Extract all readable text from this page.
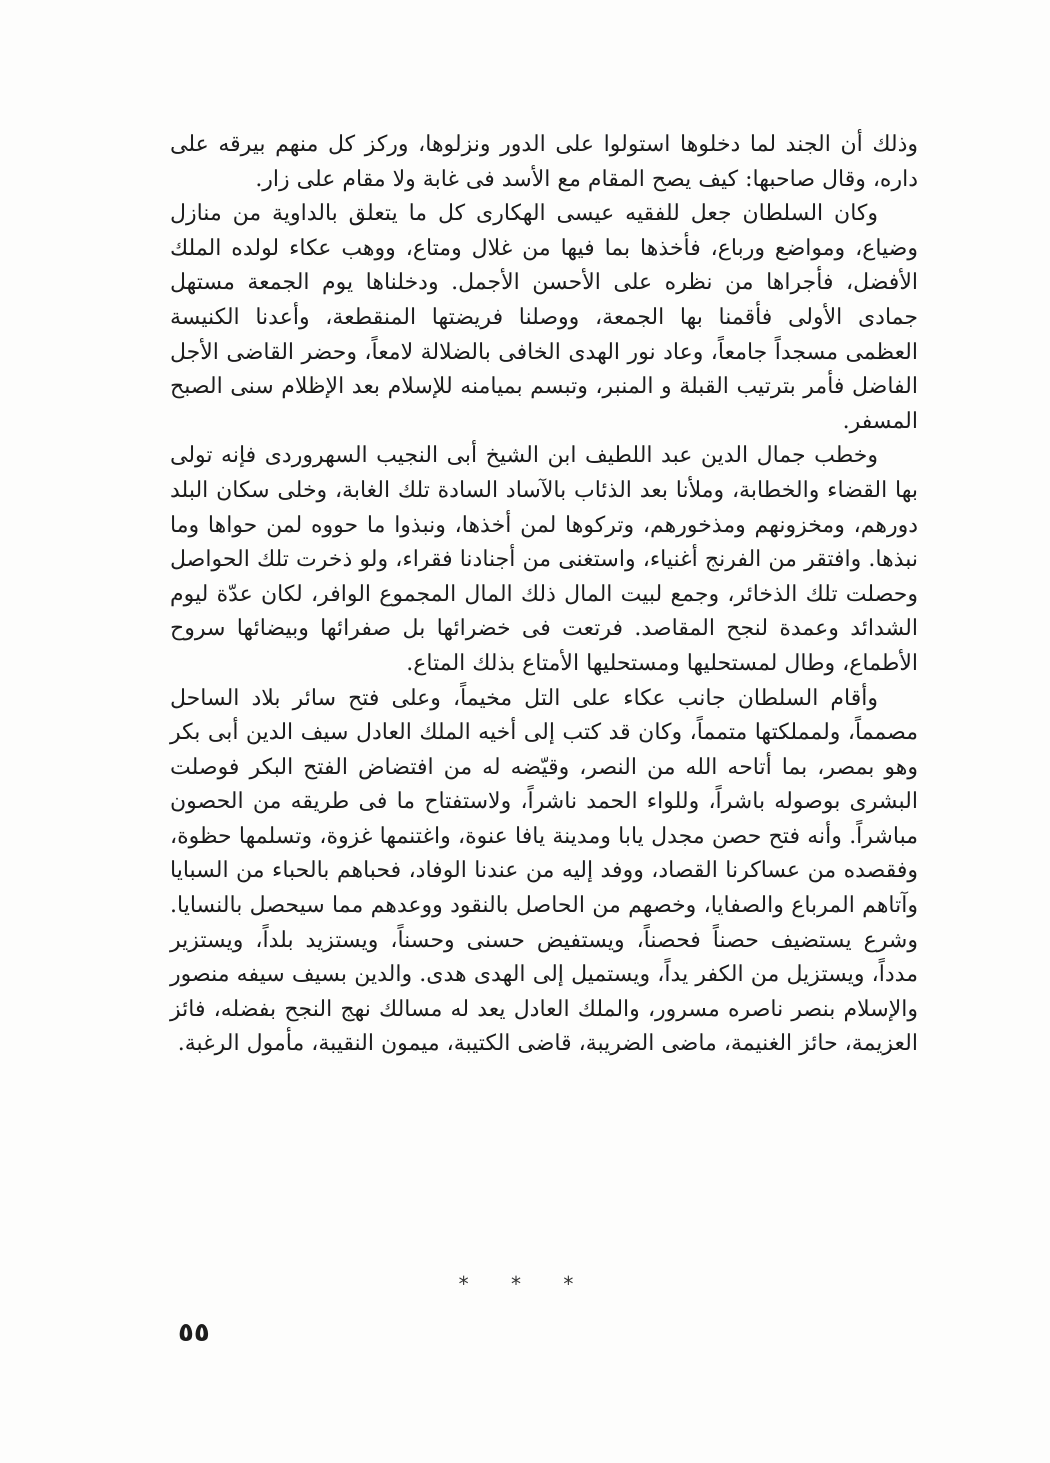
وذلك أن الجند لما دخلوها استولوا على الدور ونزلوها، وركز كل منهم بيرقه على داره، وقال صاحبها: كيف يصح المقام مع الأسد فى غابة ولا مقام على زار.

وكان السلطان جعل للفقيه عيسى الهكارى كل ما يتعلق بالداوية من منازل وضياع، ومواضع ورباع، فأخذها بما فيها من غلال ومتاع، ووهب عكاء لولده الملك الأفضل، فأجراها من نظره على الأحسن الأجمل. ودخلناها يوم الجمعة مستهل جمادى الأولى فأقمنا بها الجمعة، ووصلنا فريضتها المنقطعة، وأعدنا الكنيسة العظمى مسجداً جامعاً، وعاد نور الهدى الخافى بالضلالة لامعاً، وحضر القاضى الأجل الفاضل فأمر بترتيب القبلة و المنبر، وتبسم بميامنه للإسلام بعد الإظلام سنى الصبح المسفر.

وخطب جمال الدين عبد اللطيف ابن الشيخ أبى النجيب السهروردى فإنه تولى بها القضاء والخطابة، وملأنا بعد الذئاب بالآساد السادة تلك الغابة، وخلى سكان البلد دورهم، ومخزونهم ومذخورهم، وتركوها لمن أخذها، ونبذوا ما حووه لمن حواها وما نبذها. وافتقر من الفرنج أغنياء، واستغنى من أجنادنا فقراء، ولو ذخرت تلك الحواصل وحصلت تلك الذخائر، وجمع لبيت المال ذلك المال المجموع الوافر، لكان عدّة ليوم الشدائد وعمدة لنجح المقاصد. فرتعت فى خضرائها بل صفرائها وبيضائها سروح الأطماع، وطال لمستحليها ومستحليها الأمتاع بذلك المتاع.

وأقام السلطان جانب عكاء على التل مخيماً، وعلى فتح سائر بلاد الساحل مصمماً، ولمملكتها متمماً، وكان قد كتب إلى أخيه الملك العادل سيف الدين أبى بكر وهو بمصر، بما أتاحه الله من النصر، وقيّضه له من افتضاض الفتح البكر فوصلت البشرى بوصوله باشراً، وللواء الحمد ناشراً، ولاستفتاح ما فى طريقه من الحصون مباشراً. وأنه فتح حصن مجدل يابا ومدينة يافا عنوة، واغتنمها غزوة، وتسلمها حظوة، وفقصده من عساكرنا القصاد، ووفد إليه من عندنا الوفاد، فحباهم بالحباء من السبايا وآتاهم المرباع والصفايا، وخصهم من الحاصل بالنقود ووعدهم مما سيحصل بالنسايا. وشرع يستضيف حصناً فحصناً، ويستفيض حسنى وحسناً، ويستزيد بلداً، ويستزير مدداً، ويستزيل من الكفر يداً، ويستميل إلى الهدى هدى. والدين بسيف سيفه منصور والإسلام بنصر ناصره مسرور، والملك العادل يعد له مسالك نهج النجح بفضله، فائز العزيمة، حائز الغنيمة، ماضى الضريبة، قاضى الكتيبة، ميمون النقيبة، مأمول الرغبة.

* * *
٥٥
